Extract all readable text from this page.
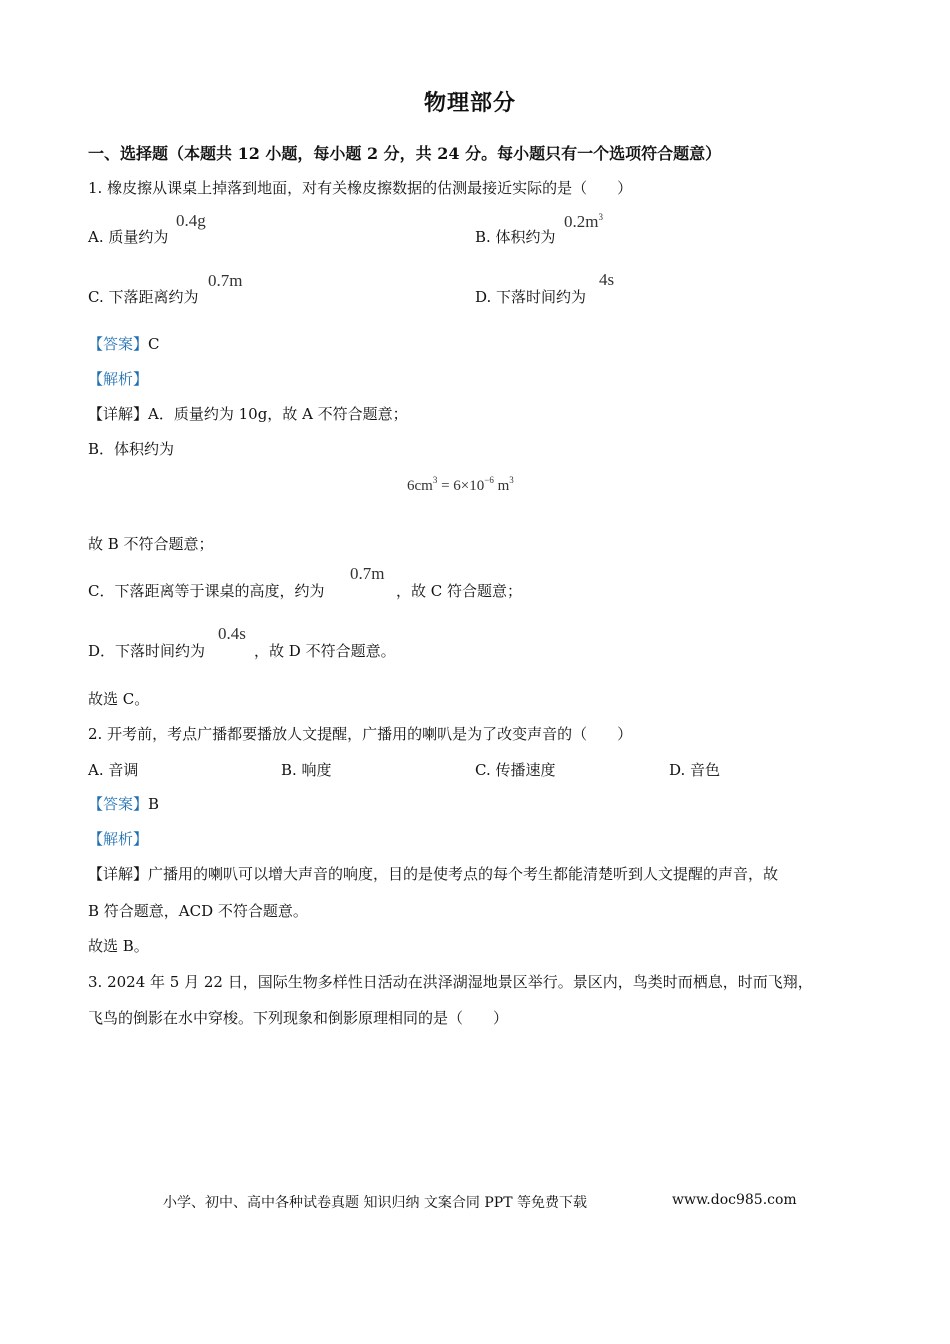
物理部分
一、选择题（本题共 12 小题，每小题 2 分，共 24 分。每小题只有一个选项符合题意）
1. 橡皮擦从课桌上掉落到地面，对有关橡皮擦数据的估测最接近实际的是（　　）
A. 质量约为
0.4g
B. 体积约为
$0.2m^3$
C. 下落距离约为
0.7m
D. 下落时间约为
4s
【答案】C
【解析】
【详解】A．质量约为 10g，故 A 不符合题意；
B．体积约为
$6cm^3 = 6\times 10^{-6}$ $m^3$
故 B 不符合题意；
C．下落距离等于课桌的高度，约为
0.7m
，故 C 符合题意；
D．下落时间约为
0.4s
，故 D 不符合题意。
故选 C。
2. 开考前，考点广播都要播放人文提醒，广播用的喇叭是为了改变声音的（　　）
A. 音调	B. 响度	C. 传播速度	D. 音色
【答案】B
【解析】
【详解】广播用的喇叭可以增大声音的响度，目的是使考点的每个考生都能清楚听到人文提醒的声音，故
B 符合题意，ACD 不符合题意。
故选 B。
3. 2024 年 5 月 22 日，国际生物多样性日活动在洪泽湖湿地景区举行。景区内，鸟类时而栖息，时而飞翔，
飞鸟的倒影在水中穿梭。下列现象和倒影原理相同的是（　　）
小学、初中、高中各种试卷真题 知识归纳 文案合同 PPT 等免费下载	www.doc985.com
